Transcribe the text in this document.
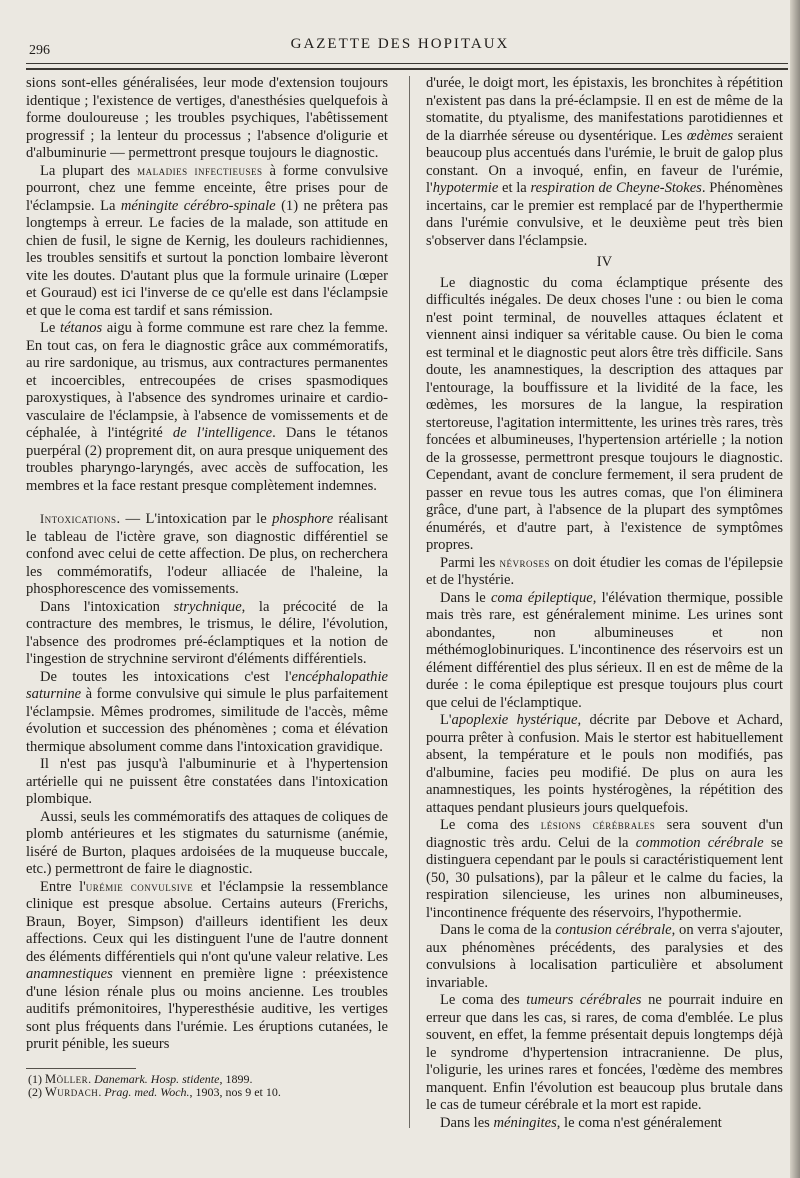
296	GAZETTE DES HOPITAUX

sions sont-elles généralisées, leur mode d'extension toujours identique ; l'existence de vertiges, d'anesthésies quelquefois à forme douloureuse ; les troubles psychiques, l'abêtissement progressif ; la lenteur du processus ; l'absence d'oligurie et d'albuminurie — permettront presque toujours le diagnostic.

La plupart des maladies infectieuses à forme convulsive pourront, chez une femme enceinte, être prises pour de l'éclampsie. La méningite cérébro-spinale (1) ne prêtera pas longtemps à erreur. Le facies de la malade, son attitude en chien de fusil, le signe de Kernig, les douleurs rachidiennes, les troubles sensitifs et surtout la ponction lombaire lèveront vite les doutes. D'autant plus que la formule urinaire (Lœper et Gouraud) est ici l'inverse de ce qu'elle est dans l'éclampsie et que le coma est tardif et sans rémission.

Le tétanos aigu à forme commune est rare chez la femme. En tout cas, on fera le diagnostic grâce aux commémoratifs, au rire sardonique, au trismus, aux contractures permanentes et incoercibles, entrecoupées de crises spasmodiques paroxystiques, à l'absence des syndromes urinaire et cardio-vasculaire de l'éclampsie, à l'absence de vomissements et de céphalée, à l'intégrité de l'intelligence. Dans le tétanos puerpéral (2) proprement dit, on aura presque uniquement des troubles pharyngo-laryngés, avec accès de suffocation, les membres et la face restant presque complètement indemnes.

Intoxications. — L'intoxication par le phosphore réalisant le tableau de l'ictère grave, son diagnostic différentiel se confond avec celui de cette affection. De plus, on recherchera les commémoratifs, l'odeur alliacée de l'haleine, la phosphorescence des vomissements.

Dans l'intoxication strychnique, la précocité de la contracture des membres, le trismus, le délire, l'évolution, l'absence des prodromes pré-éclamptiques et la notion de l'ingestion de strychnine serviront d'éléments différentiels.

De toutes les intoxications c'est l'encéphalopathie saturnine à forme convulsive qui simule le plus parfaitement l'éclampsie. Mêmes prodromes, similitude de l'accès, même évolution et succession des phénomènes ; coma et élévation thermique absolument comme dans l'intoxication gravidique.

Il n'est pas jusqu'à l'albuminurie et à l'hypertension artérielle qui ne puissent être constatées dans l'intoxication plombique.

Aussi, seuls les commémoratifs des attaques de coliques de plomb antérieures et les stigmates du saturnisme (anémie, liséré de Burton, plaques ardoisées de la muqueuse buccale, etc.) permettront de faire le diagnostic.

Entre l'urémie convulsive et l'éclampsie la ressemblance clinique est presque absolue. Certains auteurs (Frerichs, Braun, Boyer, Simpson) d'ailleurs identifient les deux affections. Ceux qui les distinguent l'une de l'autre donnent des éléments différentiels qui n'ont qu'une valeur relative. Les anamnestiques viennent en première ligne : préexistence d'une lésion rénale plus ou moins ancienne. Les troubles auditifs prémonitoires, l'hyperesthésie auditive, les vertiges sont plus fréquents dans l'urémie. Les éruptions cutanées, le prurit pénible, les sueurs

(1) Möller. Danemark. Hosp. stidente, 1899.

(2) Wurdach. Prag. med. Woch., 1903, nos 9 et 10.

d'urée, le doigt mort, les épistaxis, les bronchites à répétition n'existent pas dans la pré-éclampsie. Il en est de même de la stomatite, du ptyalisme, des manifestations parotidiennes et de la diarrhée séreuse ou dysentérique. Les œdèmes seraient beaucoup plus accentués dans l'urémie, le bruit de galop plus constant. On a invoqué, enfin, en faveur de l'urémie, l'hypotermie et la respiration de Cheyne-Stokes. Phénomènes incertains, car le premier est remplacé par de l'hyperthermie dans l'urémie convulsive, et le deuxième peut très bien s'observer dans l'éclampsie.

IV

Le diagnostic du coma éclamptique présente des difficultés inégales. De deux choses l'une : ou bien le coma n'est point terminal, de nouvelles attaques éclatent et viennent ainsi indiquer sa véritable cause. Ou bien le coma est terminal et le diagnostic peut alors être très difficile. Sans doute, les anamnestiques, la description des attaques par l'entourage, la bouffissure et la lividité de la face, les œdèmes, les morsures de la langue, la respiration stertoreuse, l'agitation intermittente, les urines très rares, très foncées et albumineuses, l'hypertension artérielle ; la notion de la grossesse, permettront presque toujours le diagnostic. Cependant, avant de conclure fermement, il sera prudent de passer en revue tous les autres comas, que l'on éliminera grâce, d'une part, à l'absence de la plupart des symptômes énumérés, et d'autre part, à l'existence de symptômes propres.

Parmi les névroses on doit étudier les comas de l'épilepsie et de l'hystérie.

Dans le coma épileptique, l'élévation thermique, possible mais très rare, est généralement minime. Les urines sont abondantes, non albumineuses et non méthémoglobinuriques. L'incontinence des réservoirs est un élément différentiel des plus sérieux. Il en est de même de la durée : le coma épileptique est presque toujours plus court que celui de l'éclamptique.

L'apoplexie hystérique, décrite par Debove et Achard, pourra prêter à confusion. Mais le stertor est habituellement absent, la température et le pouls non modifiés, pas d'albumine, facies peu modifié. De plus on aura les anamnestiques, les points hystérogènes, la répétition des attaques pendant plusieurs jours quelquefois.

Le coma des lésions cérébrales sera souvent d'un diagnostic très ardu. Celui de la commotion cérébrale se distinguera cependant par le pouls si caractéristiquement lent (50, 30 pulsations), par la pâleur et le calme du facies, la respiration silencieuse, les urines non albumineuses, l'incontinence fréquente des réservoirs, l'hypothermie.

Dans le coma de la contusion cérébrale, on verra s'ajouter, aux phénomènes précédents, des paralysies et des convulsions à localisation particulière et absolument invariable.

Le coma des tumeurs cérébrales ne pourrait induire en erreur que dans les cas, si rares, de coma d'emblée. Le plus souvent, en effet, la femme présentait depuis longtemps déjà le syndrome d'hypertension intracranienne. De plus, l'oligurie, les urines rares et foncées, l'œdème des membres manquent. Enfin l'évolution est beaucoup plus brutale dans le cas de tumeur cérébrale et la mort est rapide.

Dans les méningites, le coma n'est généralement
